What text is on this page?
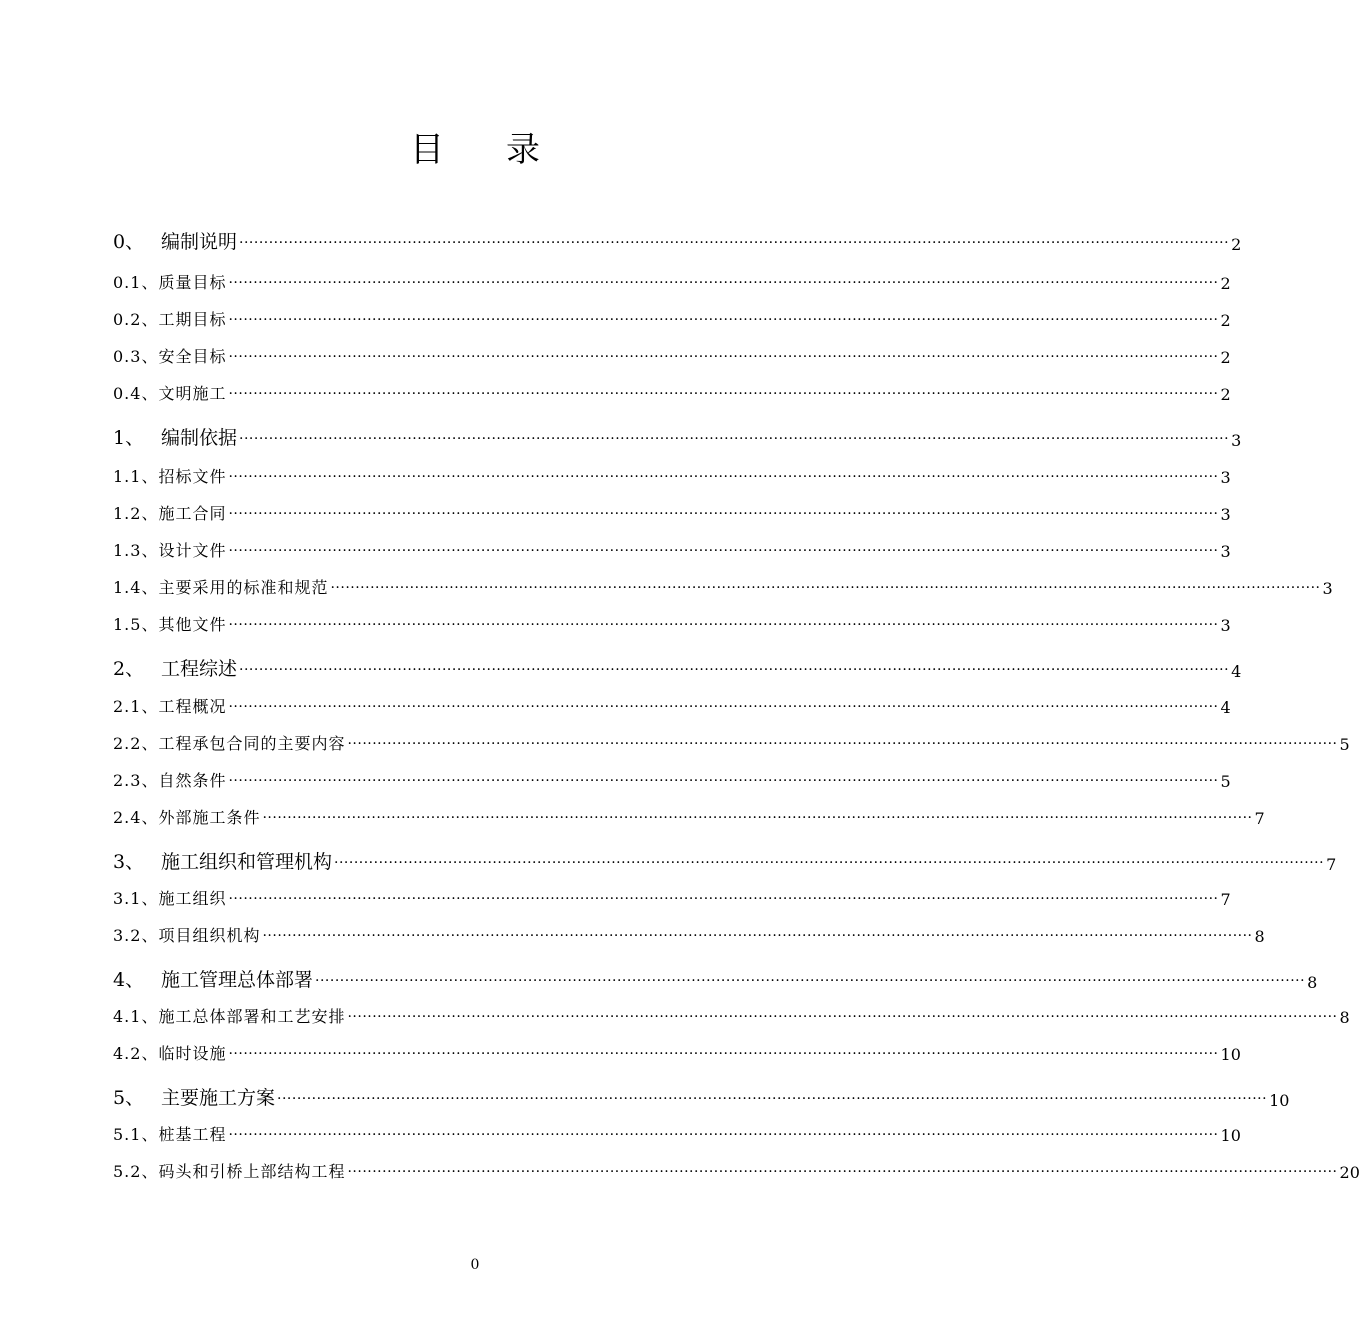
目 录
0、 编制说明 ········································································································································································································ 2
0.1、 质量目标 ········································································································································································································ 2
0.2、 工期目标 ········································································································································································································ 2
0.3、 安全目标 ········································································································································································································ 2
0.4、 文明施工 ········································································································································································································ 2
1、 编制依据 ········································································································································································································ 3
1.1、 招标文件 ········································································································································································································ 3
1.2、 施工合同 ········································································································································································································ 3
1.3、 设计文件 ········································································································································································································ 3
1.4、 主要采用的标准和规范 ········································································································································································································ 3
1.5、 其他文件 ········································································································································································································ 3
2、 工程综述 ········································································································································································································ 4
2.1、 工程概况 ········································································································································································································ 4
2.2、 工程承包合同的主要内容 ········································································································································································································ 5
2.3、 自然条件 ········································································································································································································ 5
2.4、 外部施工条件 ········································································································································································································ 7
3、 施工组织和管理机构 ········································································································································································································ 7
3.1、 施工组织 ········································································································································································································ 7
3.2、 项目组织机构 ········································································································································································································ 8
4、 施工管理总体部署 ········································································································································································································ 8
4.1、 施工总体部署和工艺安排 ········································································································································································································ 8
4.2、 临时设施 ········································································································································································································ 10
5、 主要施工方案 ········································································································································································································ 10
5.1、 桩基工程 ········································································································································································································ 10
5.2、 码头和引桥上部结构工程 ········································································································································································································ 20
0
